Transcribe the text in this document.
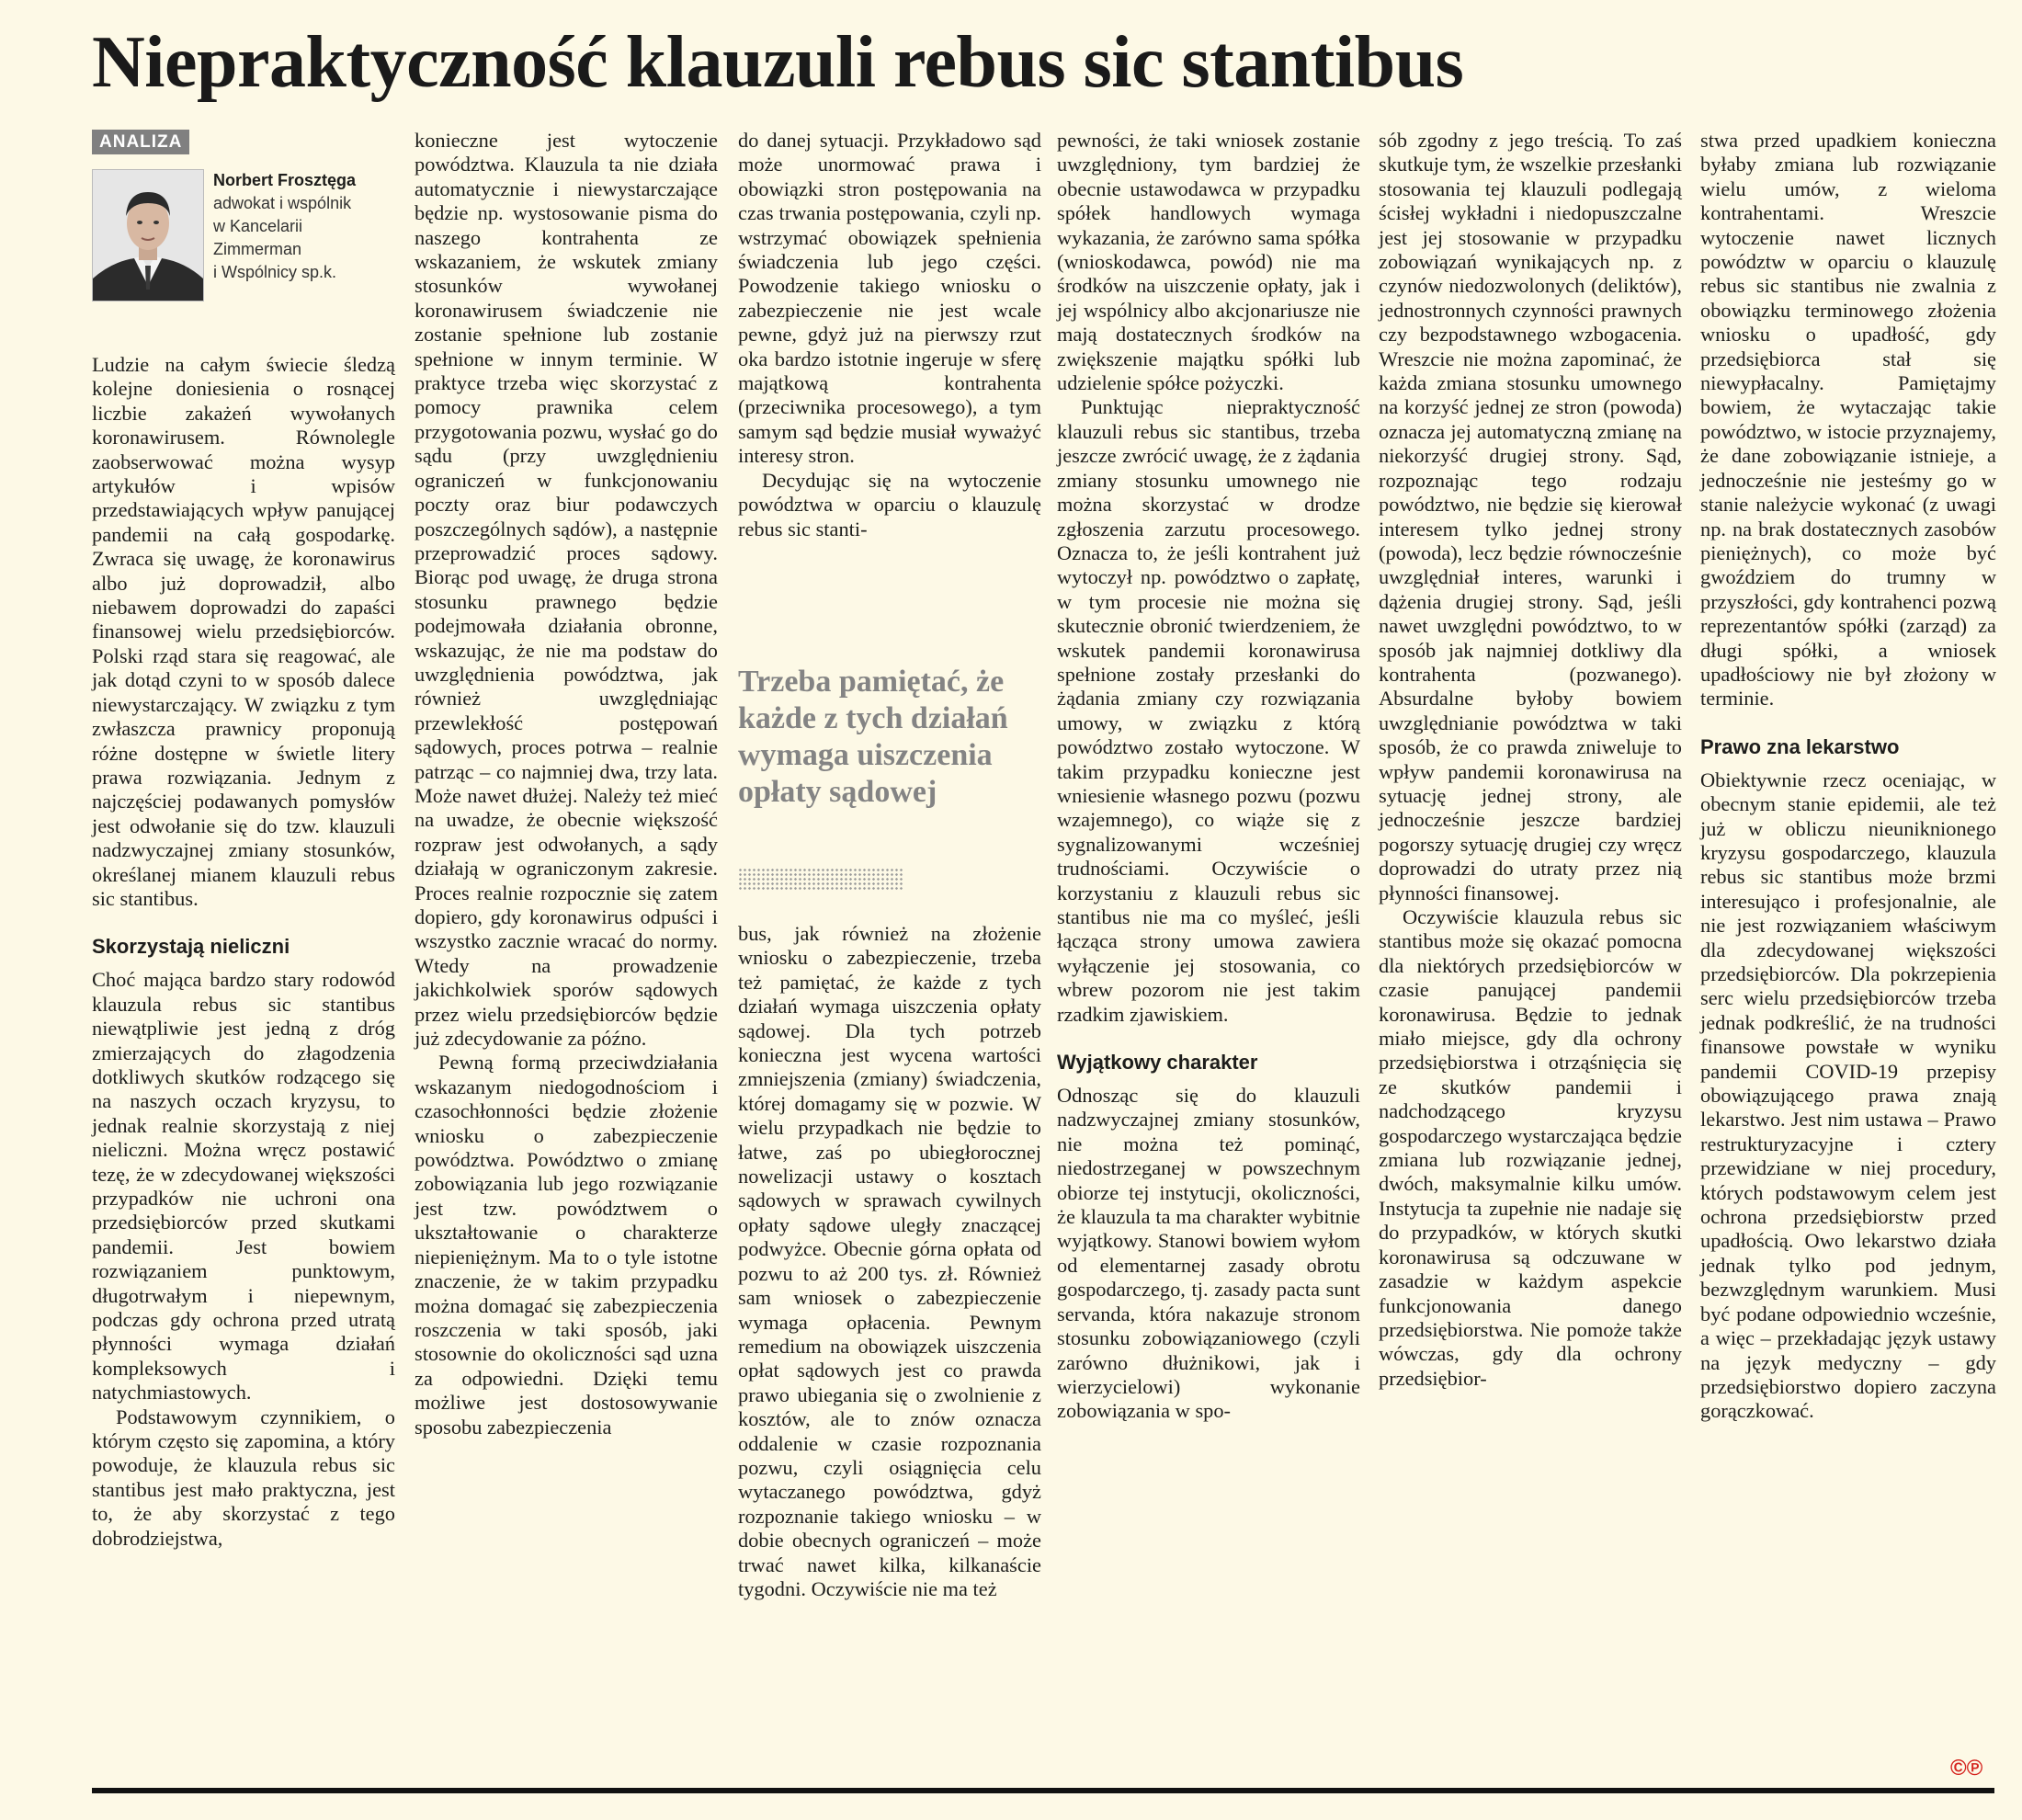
Niepraktyczność klauzuli rebus sic stantibus
ANALIZA
Norbert Frosztęga
adwokat i wspólnik
w Kancelarii
Zimmerman
i Wspólnicy sp.k.

Ludzie na całym świecie śledzą kolejne doniesienia o rosnącej liczbie zakażeń wywołanych koronawirusem. Równolegle zaobserwować można wysyp artykułów i wpisów przedstawiających wpływ panującej pandemii na całą gospodarkę. Zwraca się uwagę, że koronawirus albo już doprowadził, albo niebawem doprowadzi do zapaści finansowej wielu przedsiębiorców. Polski rząd stara się reagować, ale jak dotąd czyni to w sposób dalece niewystarczający. W związku z tym zwłaszcza prawnicy proponują różne dostępne w świetle litery prawa rozwiązania. Jednym z najczęściej podawanych pomysłów jest odwołanie się do tzw. klauzuli nadzwyczajnej zmiany stosunków, określanej mianem klauzuli rebus sic stantibus.

Skorzystają nieliczni

Choć mająca bardzo stary rodowód klauzula rebus sic stantibus niewątpliwie jest jedną z dróg zmierzających do złagodzenia dotkliwych skutków rodzącego się na naszych oczach kryzysu, to jednak realnie skorzystają z niej nieliczni. Można wręcz postawić tezę, że w zdecydowanej większości przypadków nie uchroni ona przedsiębiorców przed skutkami pandemii. Jest bowiem rozwiązaniem punktowym, długotrwałym i niepewnym, podczas gdy ochrona przed utratą płynności wymaga działań kompleksowych i natychmiastowych.

Podstawowym czynnikiem, o którym często się zapomina, a który powoduje, że klauzula rebus sic stantibus jest mało praktyczna, jest to, że aby skorzystać z tego dobrodziejstwa,

konieczne jest wytoczenie powództwa. Klauzula ta nie działa automatycznie i niewystarczające będzie np. wystosowanie pisma do naszego kontrahenta ze wskazaniem, że wskutek zmiany stosunków wywołanej koronawirusem świadczenie nie zostanie spełnione lub zostanie spełnione w innym terminie. W praktyce trzeba więc skorzystać z pomocy prawnika celem przygotowania pozwu, wysłać go do sądu (przy uwzględnieniu ograniczeń w funkcjonowaniu poczty oraz biur podawczych poszczególnych sądów), a następnie przeprowadzić proces sądowy. Biorąc pod uwagę, że druga strona stosunku prawnego będzie podejmowała działania obronne, wskazując, że nie ma podstaw do uwzględnienia powództwa, jak również uwzględniając przewlekłość postępowań sądowych, proces potrwa – realnie patrząc – co najmniej dwa, trzy lata. Może nawet dłużej. Należy też mieć na uwadze, że obecnie większość rozpraw jest odwołanych, a sądy działają w ograniczonym zakresie. Proces realnie rozpocznie się zatem dopiero, gdy koronawirus odpuści i wszystko zacznie wracać do normy. Wtedy na prowadzenie jakichkolwiek sporów sądowych przez wielu przedsiębiorców będzie już zdecydowanie za późno.

Pewną formą przeciwdziałania wskazanym niedogodnościom i czasochłonności będzie złożenie wniosku o zabezpieczenie powództwa. Powództwo o zmianę zobowiązania lub jego rozwiązanie jest tzw. powództwem o ukształtowanie o charakterze niepieniężnym. Ma to o tyle istotne znaczenie, że w takim przypadku można domagać się zabezpieczenia roszczenia w taki sposób, jaki stosownie do okoliczności sąd uzna za odpowiedni. Dzięki temu możliwe jest dostosowywanie sposobu zabezpieczenia

do danej sytuacji. Przykładowo sąd może unormować prawa i obowiązki stron postępowania na czas trwania postępowania, czyli np. wstrzymać obowiązek spełnienia świadczenia lub jego części. Powodzenie takiego wniosku o zabezpieczenie nie jest wcale pewne, gdyż już na pierwszy rzut oka bardzo istotnie ingeruje w sferę majątkową kontrahenta (przeciwnika procesowego), a tym samym sąd będzie musiał wyważyć interesy stron.

Decydując się na wytoczenie powództwa w oparciu o klauzulę rebus sic stanti-

Trzeba pamiętać, że każde z tych działań wymaga uiszczenia opłaty sądowej

bus, jak również na złożenie wniosku o zabezpieczenie, trzeba też pamiętać, że każde z tych działań wymaga uiszczenia opłaty sądowej. Dla tych potrzeb konieczna jest wycena wartości zmniejszenia (zmiany) świadczenia, której domagamy się w pozwie. W wielu przypadkach nie będzie to łatwe, zaś po ubiegłorocznej nowelizacji ustawy o kosztach sądowych w sprawach cywilnych opłaty sądowe uległy znaczącej podwyżce. Obecnie górna opłata od pozwu to aż 200 tys. zł. Również sam wniosek o zabezpieczenie wymaga opłacenia. Pewnym remedium na obowiązek uiszczenia opłat sądowych jest co prawda prawo ubiegania się o zwolnienie z kosztów, ale to znów oznacza oddalenie w czasie rozpoznania pozwu, czyli osiągnięcia celu wytaczanego powództwa, gdyż rozpoznanie takiego wniosku – w dobie obecnych ograniczeń – może trwać nawet kilka, kilkanaście tygodni. Oczywiście nie ma też

pewności, że taki wniosek zostanie uwzględniony, tym bardziej że obecnie ustawodawca w przypadku spółek handlowych wymaga wykazania, że zarówno sama spółka (wnioskodawca, powód) nie ma środków na uiszczenie opłaty, jak i jej wspólnicy albo akcjonariusze nie mają dostatecznych środków na zwiększenie majątku spółki lub udzielenie spółce pożyczki.

Punktując niepraktyczność klauzuli rebus sic stantibus, trzeba jeszcze zwrócić uwagę, że z żądania zmiany stosunku umownego nie można skorzystać w drodze zgłoszenia zarzutu procesowego. Oznacza to, że jeśli kontrahent już wytoczył np. powództwo o zapłatę, w tym procesie nie można się skutecznie obronić twierdzeniem, że wskutek pandemii koronawirusa spełnione zostały przesłanki do żądania zmiany czy rozwiązania umowy, w związku z którą powództwo zostało wytoczone. W takim przypadku konieczne jest wniesienie własnego pozwu (pozwu wzajemnego), co wiąże się z sygnalizowanymi wcześniej trudnościami. Oczywiście o korzystaniu z klauzuli rebus sic stantibus nie ma co myśleć, jeśli łącząca strony umowa zawiera wyłączenie jej stosowania, co wbrew pozorom nie jest takim rzadkim zjawiskiem.

Wyjątkowy charakter

Odnosząc się do klauzuli nadzwyczajnej zmiany stosunków, nie można też pominąć, niedostrzeganej w powszechnym obiorze tej instytucji, okoliczności, że klauzula ta ma charakter wybitnie wyjątkowy. Stanowi bowiem wyłom od elementarnej zasady obrotu gospodarczego, tj. zasady pacta sunt servanda, która nakazuje stronom stosunku zobowiązaniowego (czyli zarówno dłużnikowi, jak i wierzycielowi) wykonanie zobowiązania w spo-

sób zgodny z jego treścią. To zaś skutkuje tym, że wszelkie przesłanki stosowania tej klauzuli podlegają ścisłej wykładni i niedopuszczalne jest jej stosowanie w przypadku zobowiązań wynikających np. z czynów niedozwolonych (deliktów), jednostronnych czynności prawnych czy bezpodstawnego wzbogacenia. Wreszcie nie można zapominać, że każda zmiana stosunku umownego na korzyść jednej ze stron (powoda) oznacza jej automatyczną zmianę na niekorzyść drugiej strony. Sąd, rozpoznając tego rodzaju powództwo, nie będzie się kierował interesem tylko jednej strony (powoda), lecz będzie równocześnie uwzględniał interes, warunki i dążenia drugiej strony. Sąd, jeśli nawet uwzględni powództwo, to w sposób jak najmniej dotkliwy dla kontrahenta (pozwanego). Absurdalne byłoby bowiem uwzględnianie powództwa w taki sposób, że co prawda zniweluje to wpływ pandemii koronawirusa na sytuację jednej strony, ale jednocześnie jeszcze bardziej pogorszy sytuację drugiej czy wręcz doprowadzi do utraty przez nią płynności finansowej.

Oczywiście klauzula rebus sic stantibus może się okazać pomocna dla niektórych przedsiębiorców w czasie panującej pandemii koronawirusa. Będzie to jednak miało miejsce, gdy dla ochrony przedsiębiorstwa i otrząśnięcia się ze skutków pandemii i nadchodzącego kryzysu gospodarczego wystarczająca będzie zmiana lub rozwiązanie jednej, dwóch, maksymalnie kilku umów. Instytucja ta zupełnie nie nadaje się do przypadków, w których skutki koronawirusa są odczuwane w zasadzie w każdym aspekcie funkcjonowania danego przedsiębiorstwa. Nie pomoże także wówczas, gdy dla ochrony przedsiębior-

stwa przed upadkiem konieczna byłaby zmiana lub rozwiązanie wielu umów, z wieloma kontrahentami. Wreszcie wytoczenie nawet licznych powództw w oparciu o klauzulę rebus sic stantibus nie zwalnia z obowiązku terminowego złożenia wniosku o upadłość, gdy przedsiębiorca stał się niewypłacalny. Pamiętajmy bowiem, że wytaczając takie powództwo, w istocie przyznajemy, że dane zobowiązanie istnieje, a jednocześnie nie jesteśmy go w stanie należycie wykonać (z uwagi np. na brak dostatecznych zasobów pieniężnych), co może być gwoździem do trumny w przyszłości, gdy kontrahenci pozwą reprezentantów spółki (zarząd) za długi spółki, a wniosek upadłościowy nie był złożony w terminie.

Prawo zna lekarstwo

Obiektywnie rzecz oceniając, w obecnym stanie epidemii, ale też już w obliczu nieuniknionego kryzysu gospodarczego, klauzula rebus sic stantibus może brzmi interesująco i profesjonalnie, ale nie jest rozwiązaniem właściwym dla zdecydowanej większości przedsiębiorców. Dla pokrzepienia serc wielu przedsiębiorców trzeba jednak podkreślić, że na trudności finansowe powstałe w wyniku pandemii COVID-19 przepisy obowiązującego prawa znają lekarstwo. Jest nim ustawa – Prawo restrukturyzacyjne i cztery przewidziane w niej procedury, których podstawowym celem jest ochrona przedsiębiorstw przed upadłością. Owo lekarstwo działa jednak tylko pod jednym, bezwzględnym warunkiem. Musi być podane odpowiednio wcześnie, a więc – przekładając język ustawy na język medyczny – gdy przedsiębiorstwo dopiero zaczyna gorączkować.

©℗
